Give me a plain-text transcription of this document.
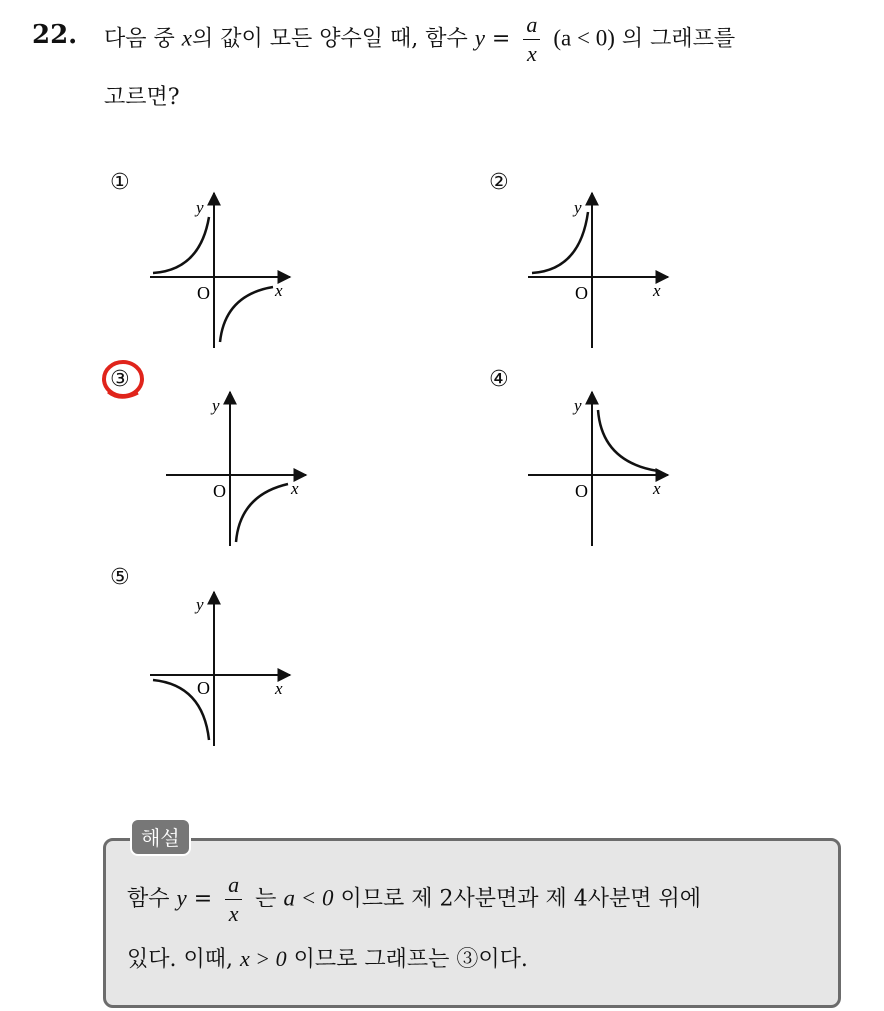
22. 다음 중 x의 값이 모든 양수일 때, 함수 $y = \frac{a}{x} (a < 0)$ 의 그래프를
고르면?
①	②
③	④
⑤
y
x
O
y
x
O
y
x
O
y
x
O
y
x
O
해설
함수 $y = \frac{a}{x}$ 는 a < 0 이므로 제 2사분면과 제 4사분면 위에
있다. 이때, x > 0 이므로 그래프는 ③이다.
